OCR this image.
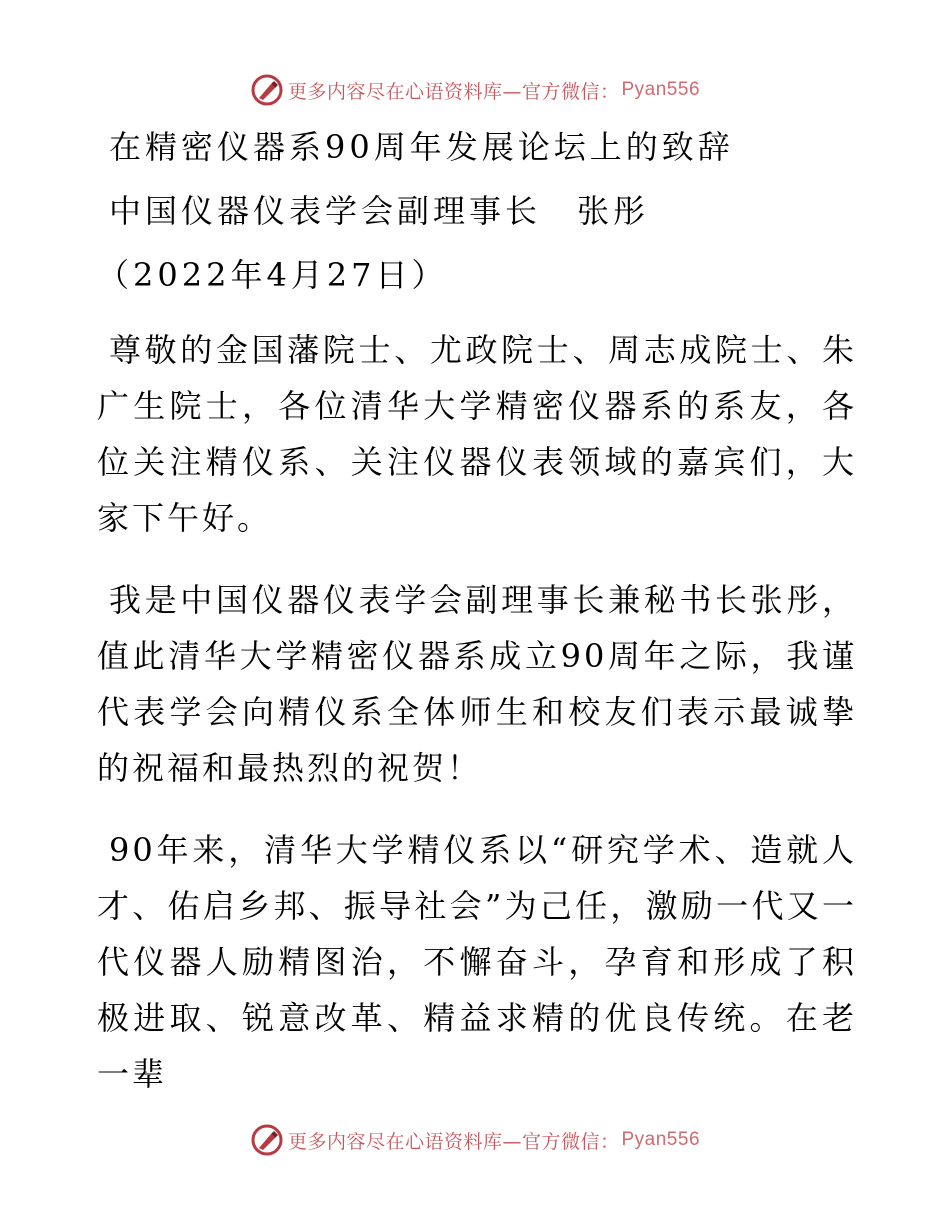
更多内容尽在心语资料库—官方微信： Pyan556
在精密仪器系90周年发展论坛上的致辞
中国仪器仪表学会副理事长　张彤
（2022年4月27日）
尊敬的金国藩院士、尤政院士、周志成院士、朱广生院士，各位清华大学精密仪器系的系友，各位关注精仪系、关注仪器仪表领域的嘉宾们，大家下午好。
我是中国仪器仪表学会副理事长兼秘书长张彤，值此清华大学精密仪器系成立90周年之际，我谨代表学会向精仪系全体师生和校友们表示最诚挚的祝福和最热烈的祝贺！
90年来，清华大学精仪系以“研究学术、造就人才、佑启乡邦、振导社会”为己任，激励一代又一代仪器人励精图治，不懈奋斗，孕育和形成了积极进取、锐意改革、精益求精的优良传统。在老一辈
更多内容尽在心语资料库—官方微信： Pyan556
